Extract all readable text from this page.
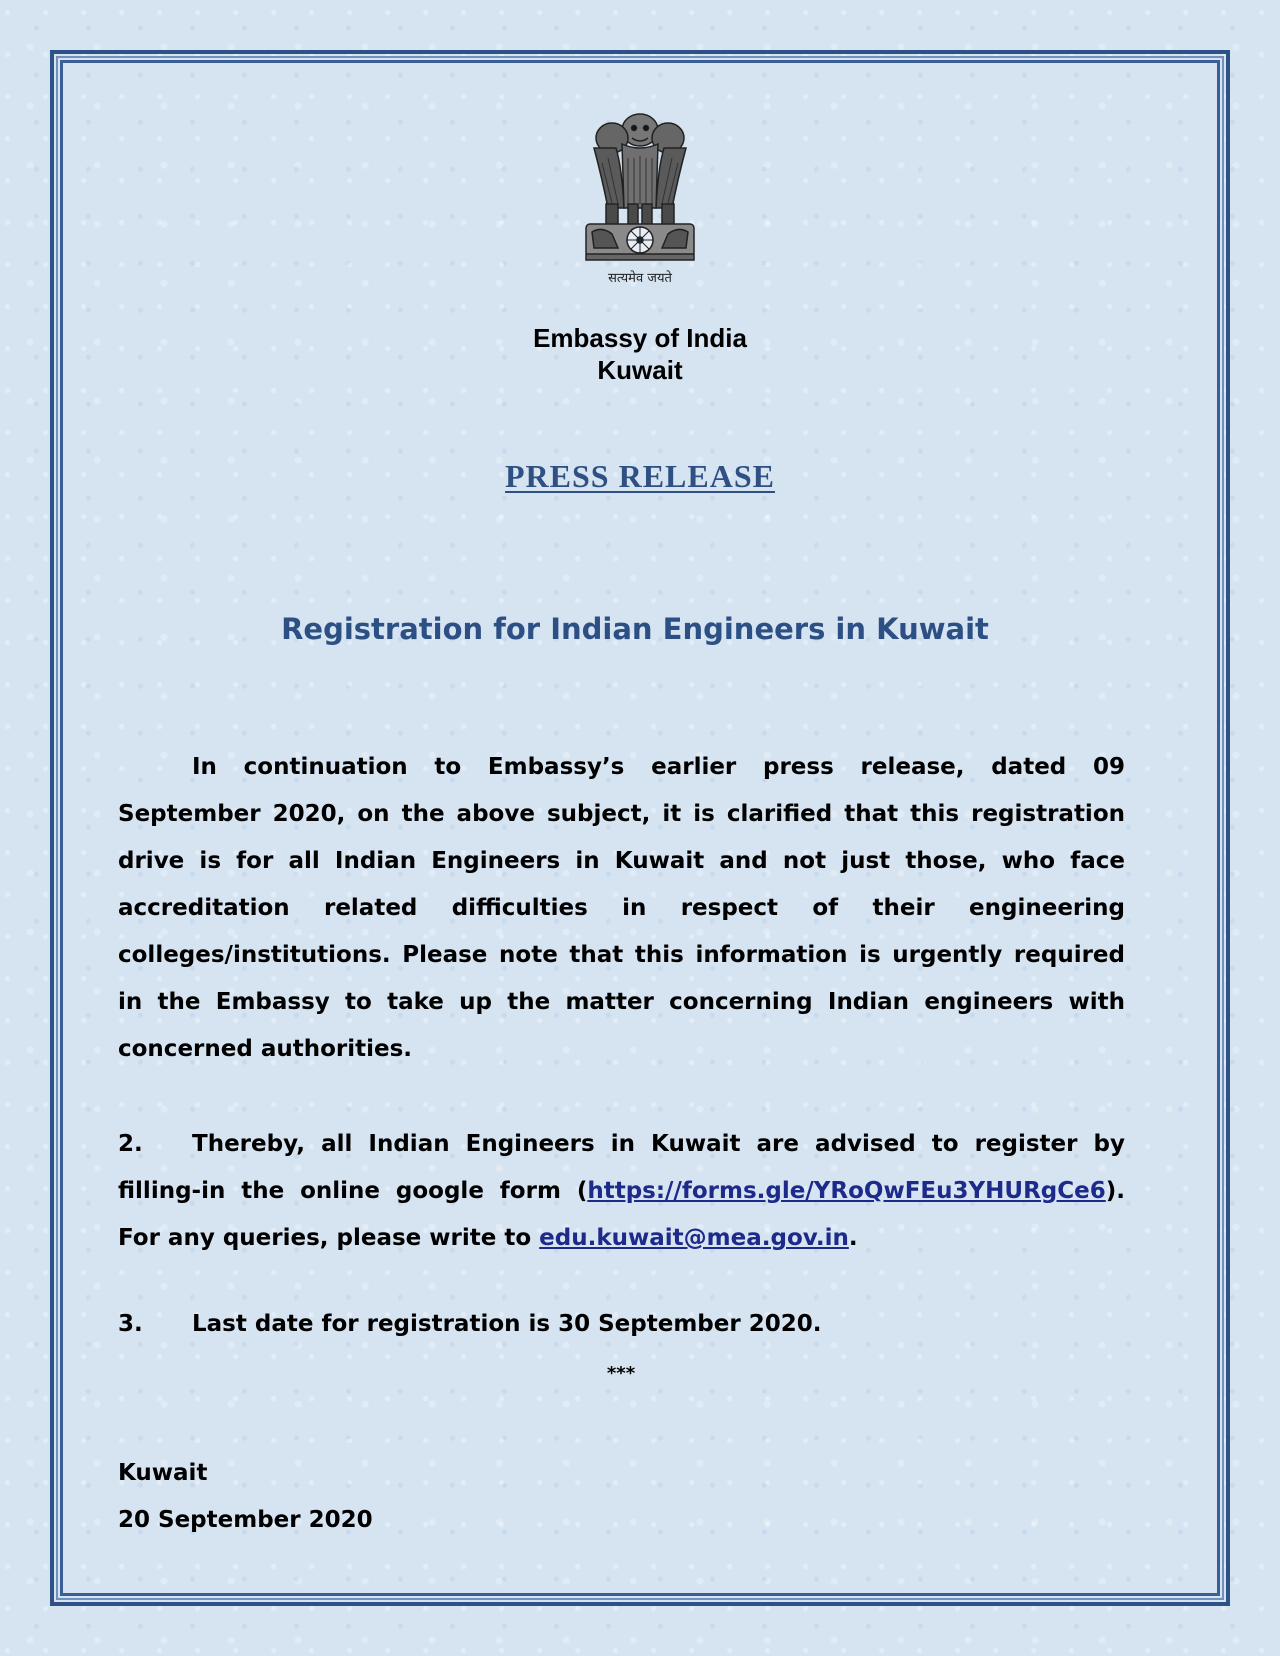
सत्यमेव जयते
Embassy of India
Kuwait
PRESS RELEASE
Registration for Indian Engineers in Kuwait
In continuation to Embassy’s earlier press release, dated 09 September 2020, on the above subject, it is clarified that this registration drive is for all Indian Engineers in Kuwait and not just those, who face accreditation related difficulties in respect of their engineering colleges/institutions. Please note that this information is urgently required in the Embassy to take up the matter concerning Indian engineers with concerned authorities.
2. Thereby, all Indian Engineers in Kuwait are advised to register by filling-in the online google form (https://forms.gle/YRoQwFEu3YHURgCe6). For any queries, please write to edu.kuwait@mea.gov.in.
3. Last date for registration is 30 September 2020.
***
Kuwait
20 September 2020
